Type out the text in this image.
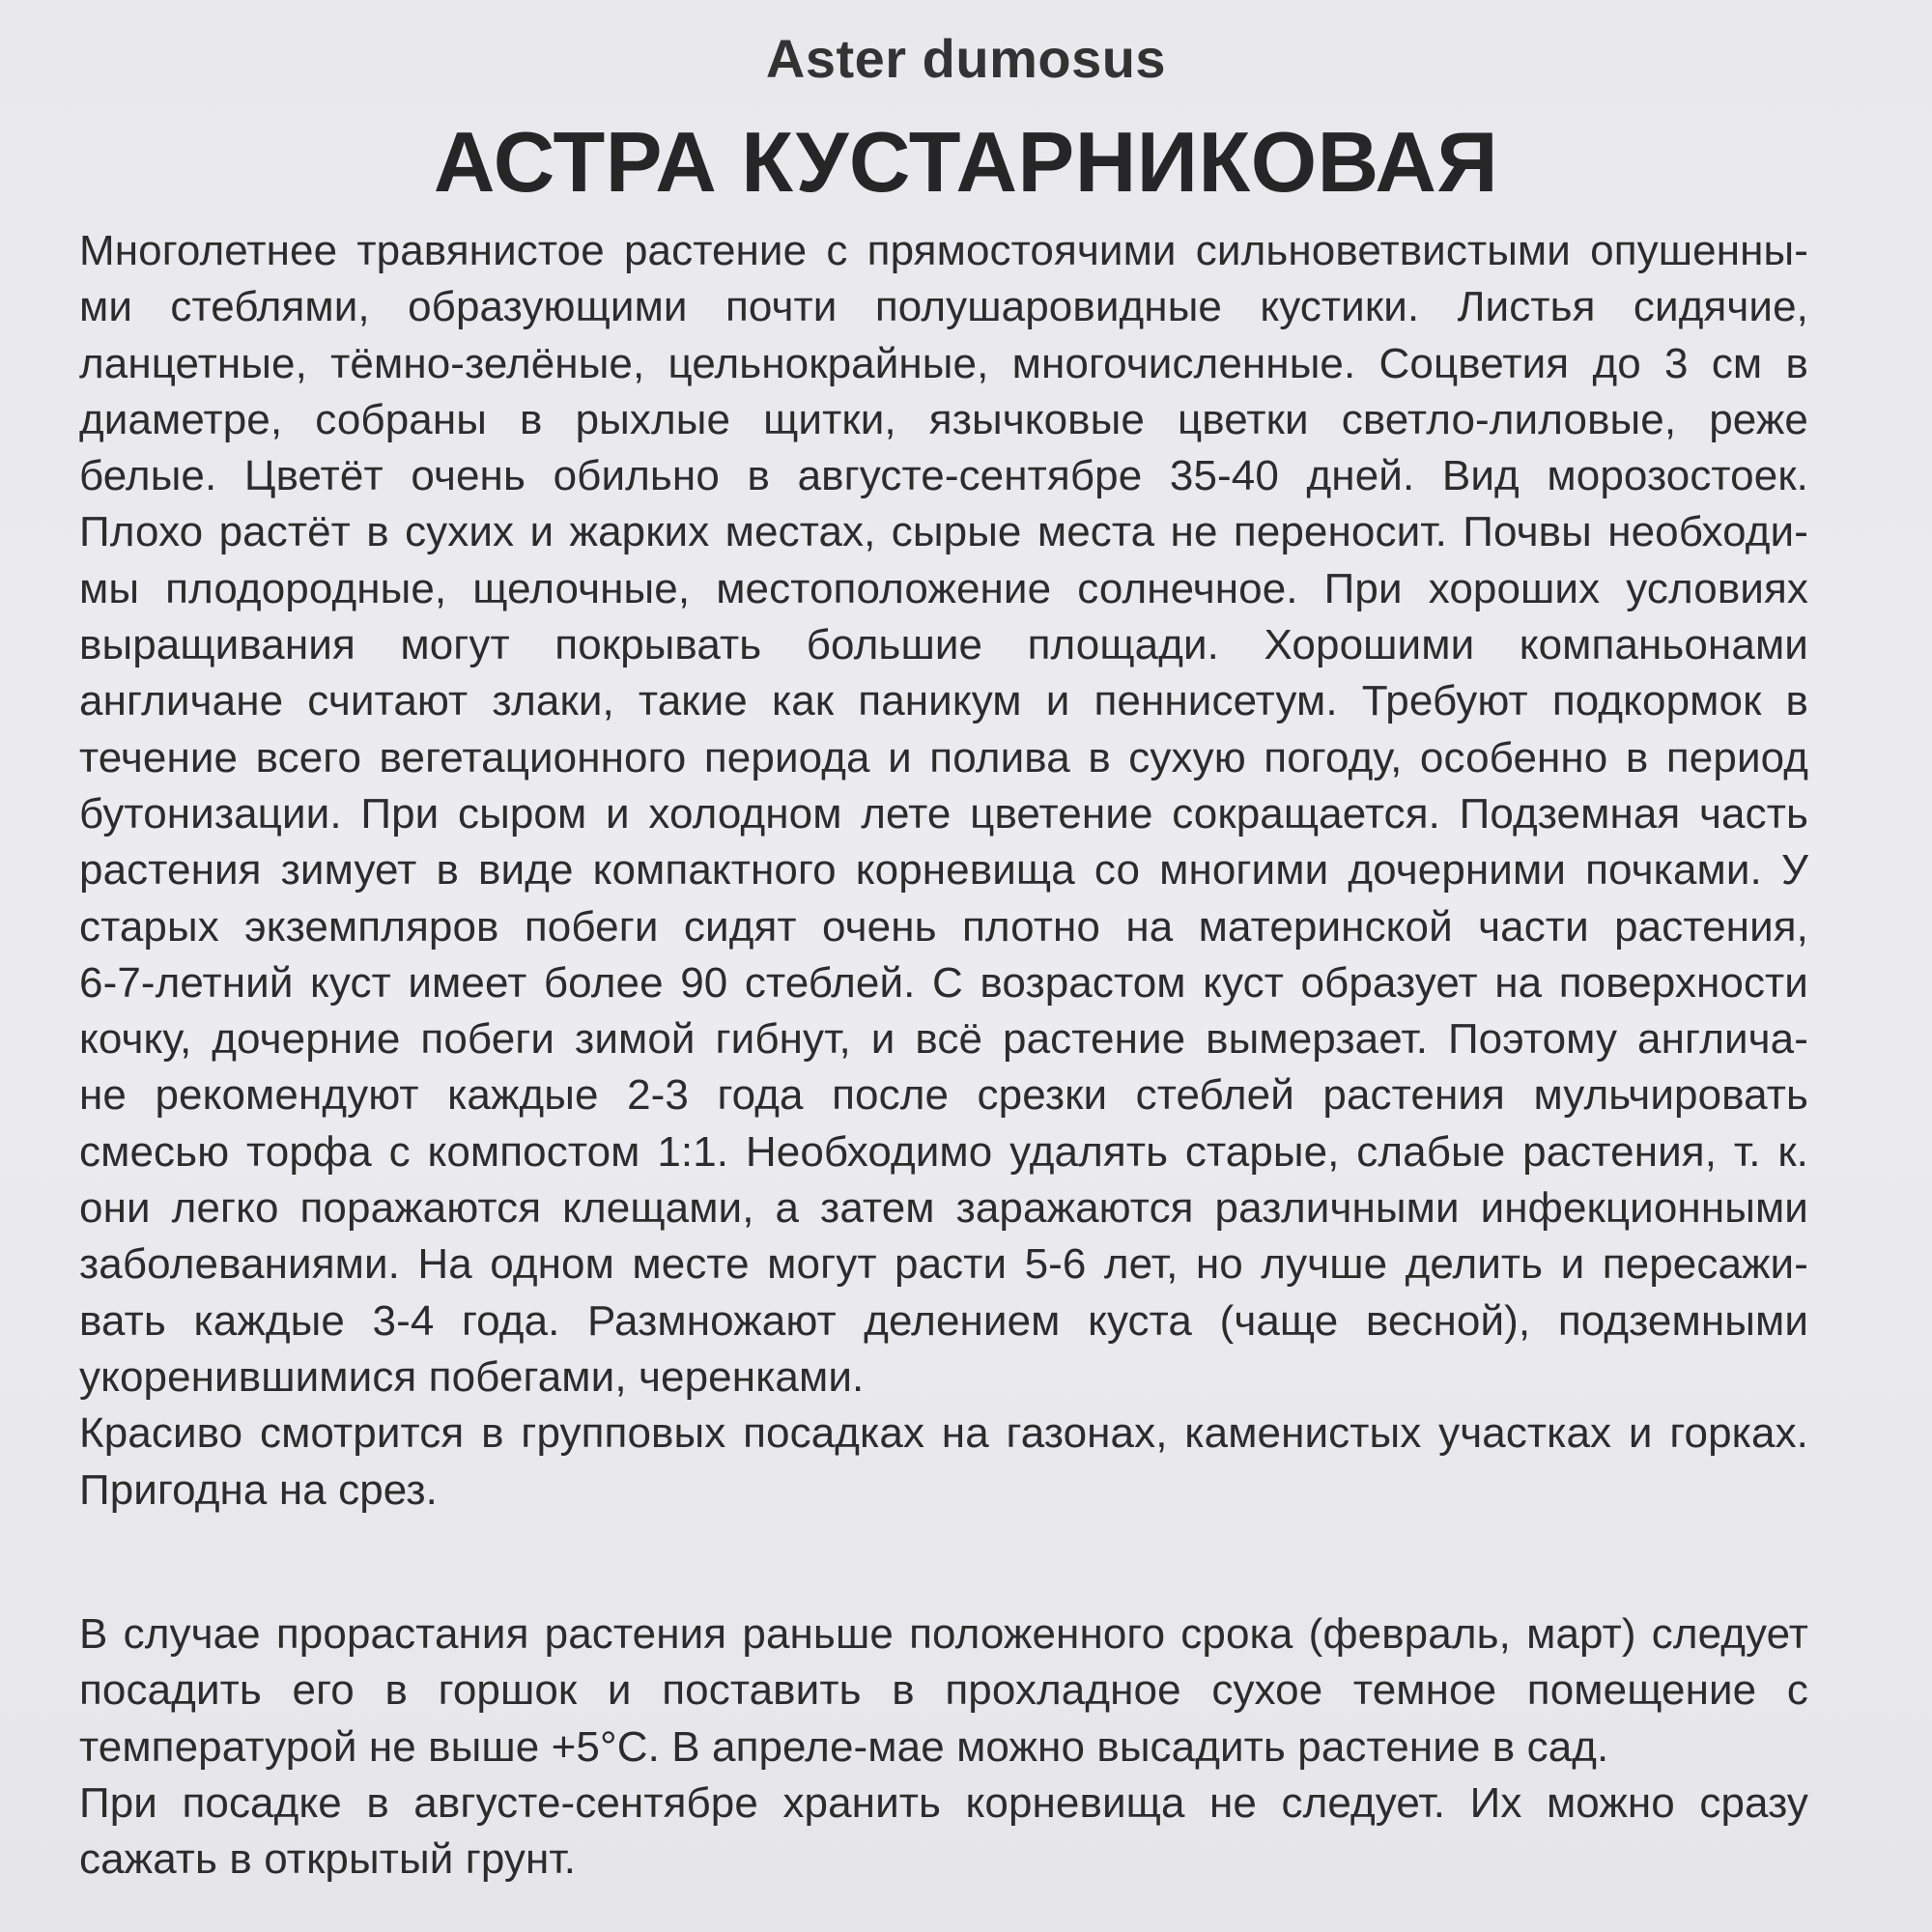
Aster dumosus
АСТРА КУСТАРНИКОВАЯ
Многолетнее травянистое растение с прямостоячими сильноветвистыми опушенны-
ми стеблями, образующими почти полушаровидные кустики. Листья сидячие,
ланцетные, тёмно-зелёные, цельнокрайные, многочисленные. Соцветия до 3 см в
диаметре, собраны в рыхлые щитки, язычковые цветки светло-лиловые, реже
белые. Цветёт очень обильно в августе-сентябре 35-40 дней. Вид морозостоек.
Плохо растёт в сухих и жарких местах, сырые места не переносит. Почвы необходи-
мы плодородные, щелочные, местоположение солнечное. При хороших условиях
выращивания могут покрывать большие площади. Хорошими компаньонами
англичане считают злаки, такие как паникум и пеннисетум. Требуют подкормок в
течение всего вегетационного периода и полива в сухую погоду, особенно в период
бутонизации. При сыром и холодном лете цветение сокращается. Подземная часть
растения зимует в виде компактного корневища со многими дочерними почками. У
старых экземпляров побеги сидят очень плотно на материнской части растения,
6-7-летний куст имеет более 90 стеблей. С возрастом куст образует на поверхности
кочку, дочерние побеги зимой гибнут, и всё растение вымерзает. Поэтому англича-
не рекомендуют каждые 2-3 года после срезки стеблей растения мульчировать
смесью торфа с компостом 1:1. Необходимо удалять старые, слабые растения, т. к.
они легко поражаются клещами, а затем заражаются различными инфекционными
заболеваниями. На одном месте могут расти 5-6 лет, но лучше делить и пересажи-
вать каждые 3-4 года. Размножают делением куста (чаще весной), подземными
укоренившимися побегами, черенками.
Красиво смотрится в групповых посадках на газонах, каменистых участках и горках.
Пригодна на срез.
В случае прорастания растения раньше положенного срока (февраль, март) следует
посадить его в горшок и поставить в прохладное сухое темное помещение с
температурой не выше +5°С. В апреле-мае можно высадить растение в сад.
При посадке в августе-сентябре хранить корневища не следует. Их можно сразу
сажать в открытый грунт.
